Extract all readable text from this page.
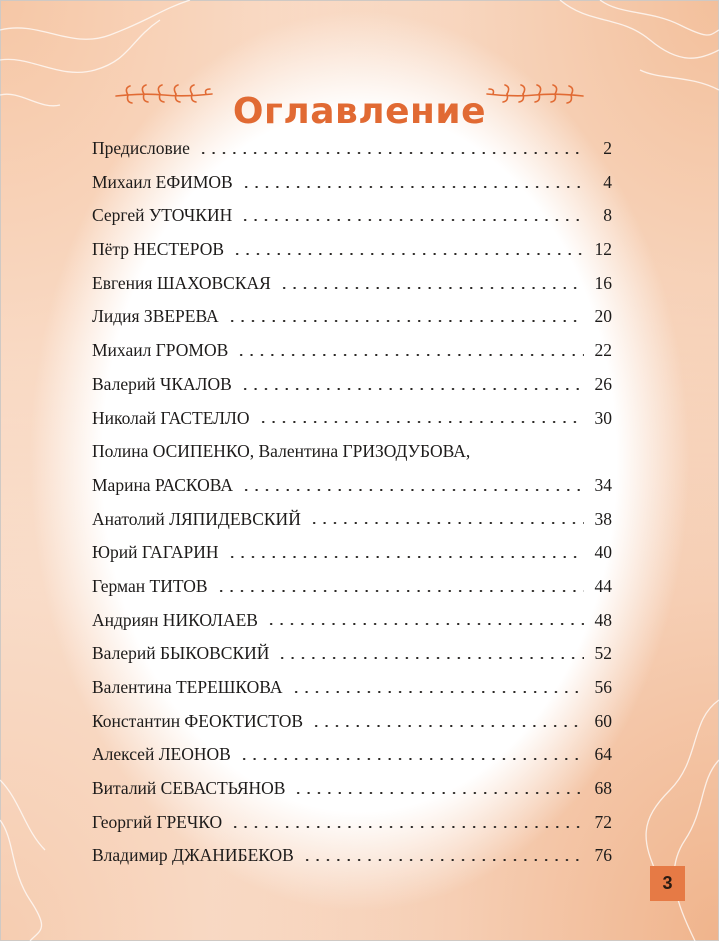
Оглавление
Предисловие	2
Михаил ЕФИМОВ	4
Сергей УТОЧКИН	8
Пётр НЕСТЕРОВ	12
Евгения ШАХОВСКАЯ	16
Лидия ЗВЕРЕВА	20
Михаил ГРОМОВ	22
Валерий ЧКАЛОВ	26
Николай ГАСТЕЛЛО	30
Полина ОСИПЕНКО, Валентина ГРИЗОДУБОВА,
Марина РАСКОВА	34
Анатолий ЛЯПИДЕВСКИЙ	38
Юрий ГАГАРИН	40
Герман ТИТОВ	44
Андриян НИКОЛАЕВ	48
Валерий БЫКОВСКИЙ	52
Валентина ТЕРЕШКОВА	56
Константин ФЕОКТИСТОВ	60
Алексей ЛЕОНОВ	64
Виталий СЕВАСТЬЯНОВ	68
Георгий ГРЕЧКО	72
Владимир ДЖАНИБЕКОВ	76
3
